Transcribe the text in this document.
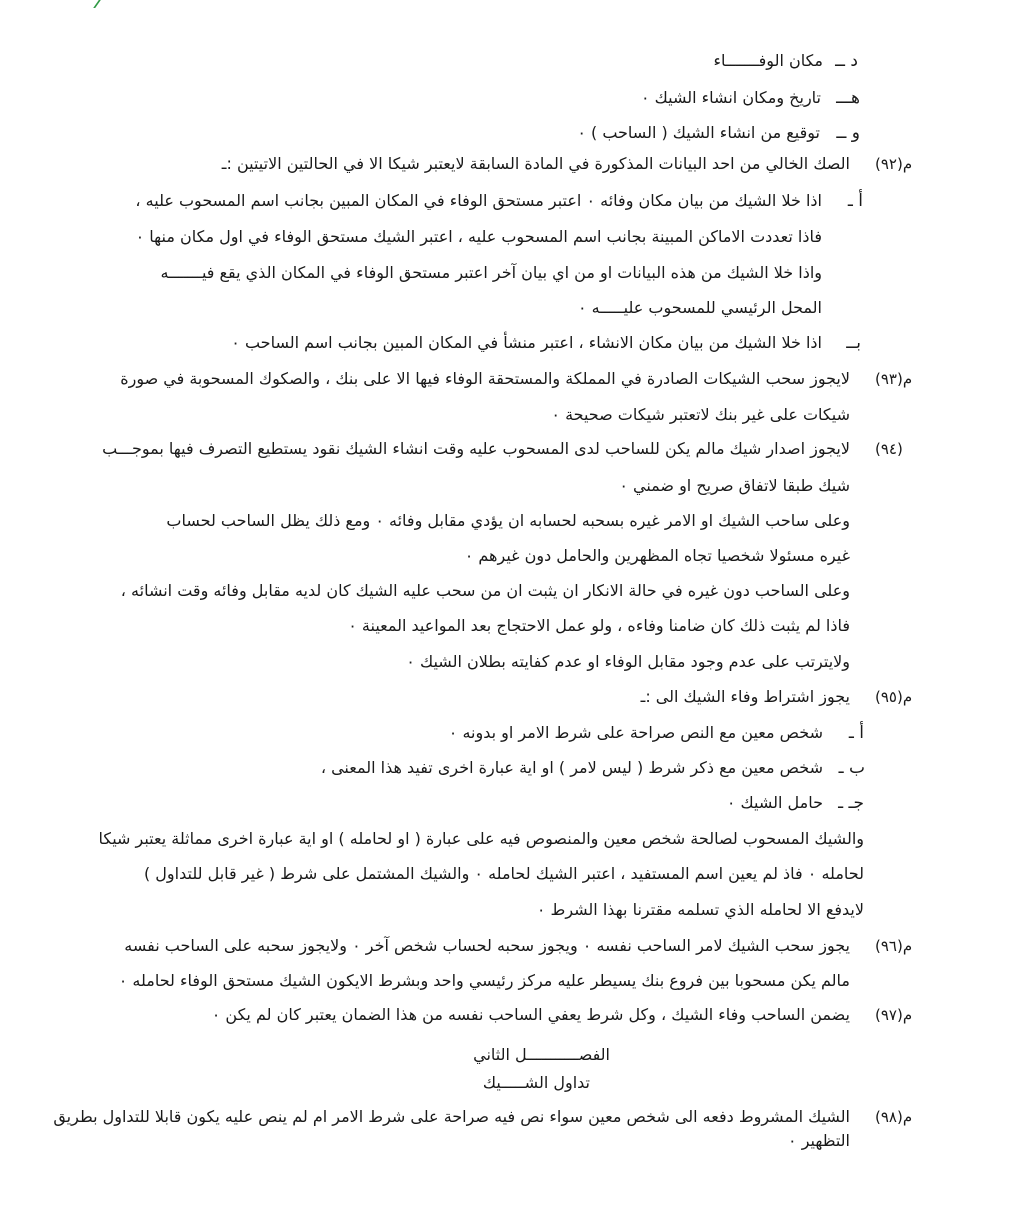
د ــ
مكان الوفـــــــاء
هـــ
تاريخ ومكان انشاء الشيك ٠
و ــ
توقيع من انشاء الشيك ( الساحب ) ٠
م(٩٢)
الصك الخالي من احد البيانات المذكورة في المادة السابقة لايعتبر شيكا الا في الحالتين الاتيتين :ـ
أ ـ
اذا خلا الشيك من بيان مكان وفائه ٠ اعتبر مستحق الوفاء في المكان المبين بجانب اسم المسحوب عليه ،
فاذا تعددت الاماكن المبينة بجانب اسم المسحوب عليه ، اعتبر الشيك مستحق الوفاء في اول مكان منها ٠
واذا خلا الشيك من هذه البيانات او من اي بيان آخر اعتبر مستحق الوفاء في المكان الذي يقع فيـــــــه
المحل الرئيسي للمسحوب عليـــــه ٠
بــ
اذا خلا الشيك من بيان مكان الانشاء ، اعتبر منشأ في المكان المبين بجانب اسم الساحب ٠
م(٩٣)
لايجوز سحب الشيكات الصادرة في المملكة والمستحقة الوفاء فيها الا على بنك ، والصكوك المسحوبة في صورة
شيكات على غير بنك لاتعتبر شيكات صحيحة ٠
(٩٤)
لايجوز اصدار شيك مالم يكن للساحب لدى المسحوب عليه وقت انشاء الشيك نقود يستطيع التصرف فيها بموجـــب
شيك طبقا لاتفاق صريح او ضمني ٠
وعلى ساحب الشيك او الامر غيره بسحبه لحسابه ان يؤدي مقابل وفائه ٠ ومع ذلك يظل الساحب لحساب
غيره مسئولا شخصيا تجاه المظهرين والحامل دون غيرهم ٠
وعلى الساحب دون غيره في حالة الانكار ان يثبت ان من سحب عليه الشيك كان لديه مقابل وفائه وقت انشائه ،
فاذا لم يثبت ذلك كان ضامنا وفاءه ، ولو عمل الاحتجاج بعد المواعيد المعينة ٠
ولايترتب على عدم وجود مقابل الوفاء او عدم كفايته بطلان الشيك ٠
م(٩٥)
يجوز اشتراط وفاء الشيك الى :ـ
أ ـ
شخص معين مع النص صراحة على شرط الامر او بدونه ٠
ب ـ
شخص معين مع ذكر شرط ( ليس لامر ) او اية عبارة اخرى تفيد هذا المعنى ،
جـ ـ
حامل الشيك ٠
والشيك المسحوب لصالحة شخص معين والمنصوص فيه على عبارة ( او لحامله ) او اية عبارة اخرى مماثلة يعتبر شيكا
لحامله ٠ فاذ لم يعين اسم المستفيد ، اعتبر الشيك لحامله ٠ والشيك المشتمل على شرط ( غير قابل للتداول )
لايدفع الا لحامله الذي تسلمه مقترنا بهذا الشرط ٠
م(٩٦)
يجوز سحب الشيك لامر الساحب نفسه ٠ ويجوز سحبه لحساب شخص آخر ٠ ولايجوز سحبه على الساحب نفسه
مالم يكن مسحوبا بين فروع بنك يسيطر عليه مركز رئيسي واحد وبشرط الايكون الشيك مستحق الوفاء لحامله ٠
م(٩٧)
يضمن الساحب وفاء الشيك ، وكل شرط يعفي الساحب نفسه من هذا الضمان يعتبر كان لم يكن ٠
الفصـــــــــــل الثاني
تداول الشـــــيك
م(٩٨)
الشيك المشروط دفعه الى شخص معين سواء نص فيه صراحة على شرط الامر ام لم ينص عليه يكون قابلا للتداول بطريق
التظهير ٠
